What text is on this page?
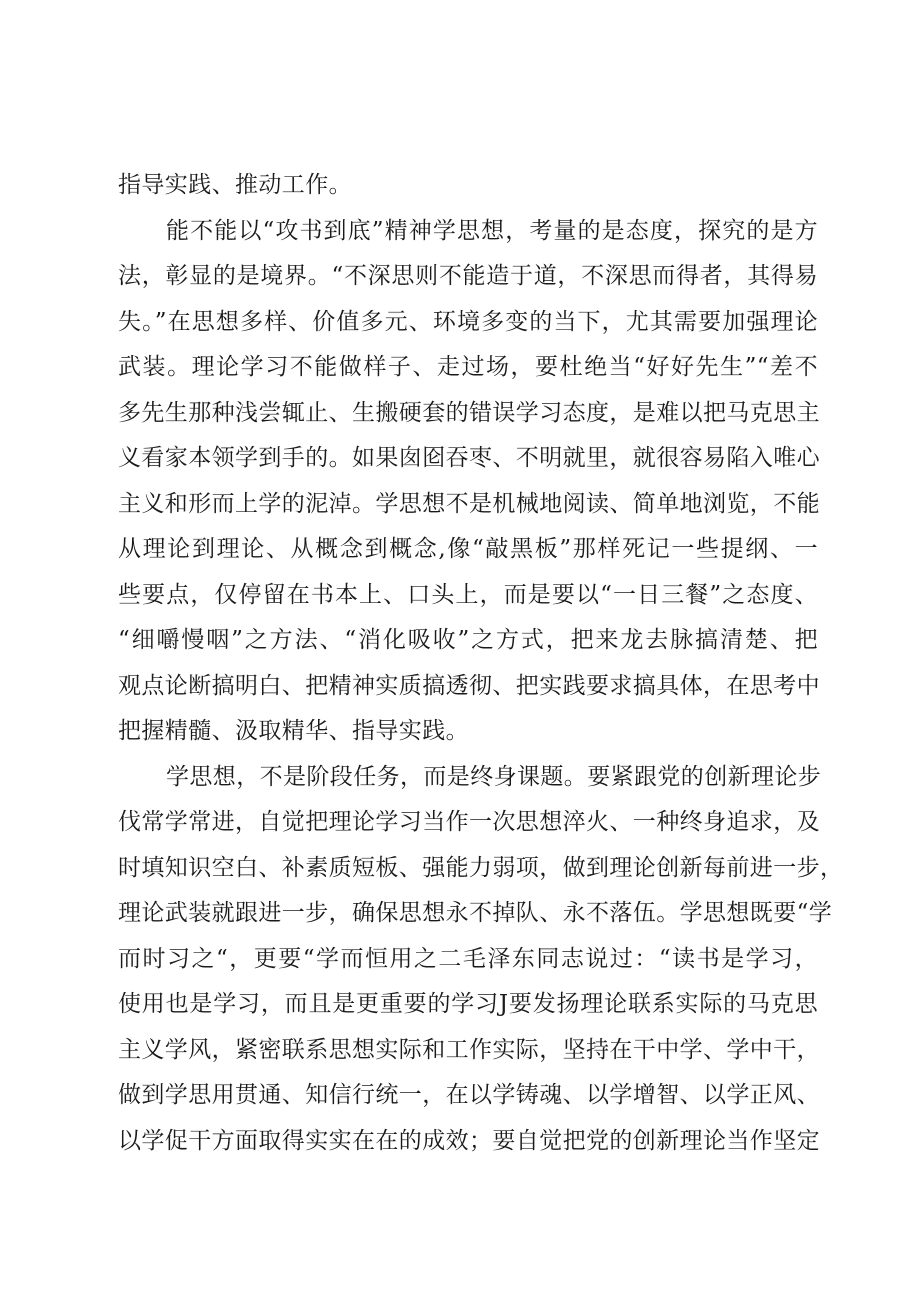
指导实践、推动工作。
能不能以“攻书到底”精神学思想，考量的是态度，探究的是方
法，彰显的是境界。“不深思则不能造于道，不深思而得者，其得易
失。”在思想多样、价值多元、环境多变的当下，尤其需要加强理论
武装。理论学习不能做样子、走过场，要杜绝当“好好先生”“差不
多先生那种浅尝辄止、生搬硬套的错误学习态度，是难以把马克思主
义看家本领学到手的。如果囱囵吞枣、不明就里，就很容易陷入唯心
主义和形而上学的泥淖。学思想不是机械地阅读、简单地浏览，不能
从理论到理论、从概念到概念,像“敲黑板”那样死记一些提纲、一
些要点，仅停留在书本上、口头上，而是要以“一日三餐”之态度、
“细嚼慢咽”之方法、“消化吸收”之方式，把来龙去脉搞清楚、把
观点论断搞明白、把精神实质搞透彻、把实践要求搞具体，在思考中
把握精髓、汲取精华、指导实践。
学思想，不是阶段任务，而是终身课题。要紧跟党的创新理论步
伐常学常进，自觉把理论学习当作一次思想淬火、一种终身追求，及
时填知识空白、补素质短板、强能力弱项，做到理论创新每前进一步，
理论武装就跟进一步，确保思想永不掉队、永不落伍。学思想既要“学
而时习之“，更要“学而恒用之二毛泽东同志说过：“读书是学习，
使用也是学习，而且是更重要的学习J要发扬理论联系实际的马克思
主义学风，紧密联系思想实际和工作实际，坚持在干中学、学中干，
做到学思用贯通、知信行统一，在以学铸魂、以学增智、以学正风、
以学促干方面取得实实在在的成效；要自觉把党的创新理论当作坚定
